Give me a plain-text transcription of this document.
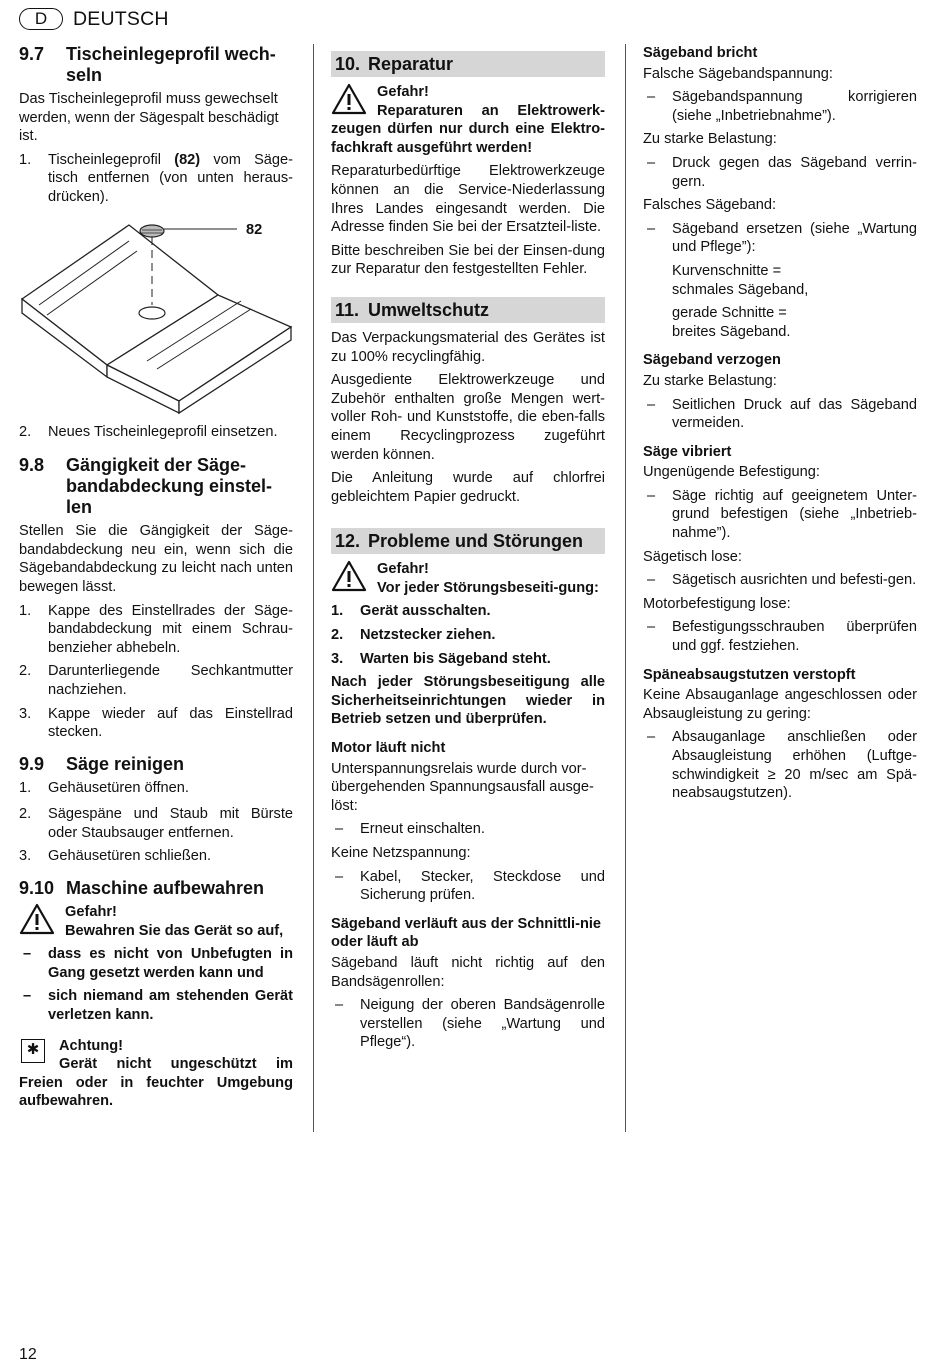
D	DEUTSCH
9.7	Tischeinlegeprofil wech-seln

Das Tischeinlegeprofil muss gewechselt werden, wenn der Sägespalt beschädigt ist.

1.	Tischeinlegeprofil (82) vom Säge-tisch entfernen (von unten heraus-drücken).
82
2.	Neues Tischeinlegeprofil einsetzen.
9.8	Gängigkeit der Säge-bandabdeckung einstel-len

Stellen Sie die Gängigkeit der Säge-bandabdeckung neu ein, wenn sich die Sägebandabdeckung zu leicht nach unten bewegen lässt.

1.	Kappe des Einstellrades der Säge-bandabdeckung mit einem Schrau-benzieher abhebeln.
2.	Darunterliegende Sechkantmutter nachziehen.
3.	Kappe wieder auf das Einstellrad stecken.
9.9	Säge reinigen
1.	Gehäusetüren öffnen.
2.	Sägespäne und Staub mit Bürste oder Staubsauger entfernen.
3.	Gehäusetüren schließen.
9.10 Maschine aufbewahren

Gefahr!

Bewahren Sie das Gerät so auf,

–	dass es nicht von Unbefugten in Gang gesetzt werden kann und
–	sich niemand am stehenden Gerät verletzen kann.
✱	Achtung!

Gerät nicht ungeschützt im Freien oder in feuchter Umgebung aufbewahren.

10. Reparatur

Gefahr!

Reparaturen an Elektrowerk-zeugen dürfen nur durch eine Elektro-fachkraft ausgeführt werden!

Reparaturbedürftige Elektrowerkzeuge können an die Service-Niederlassung Ihres Landes eingesandt werden. Die Adresse finden Sie bei der Ersatzteil-liste.

Bitte beschreiben Sie bei der Einsen-dung zur Reparatur den festgestellten Fehler.

11. Umweltschutz

Das Verpackungsmaterial des Gerätes ist zu 100% recyclingfähig.

Ausgediente Elektrowerkzeuge und Zubehör enthalten große Mengen wert-voller Roh- und Kunststoffe, die eben-falls einem Recyclingprozess zugeführt werden können.

Die Anleitung wurde auf chlorfrei gebleichtem Papier gedruckt.

12. Probleme und Störungen

Gefahr!

Vor jeder Störungsbeseiti-gung:

1.	Gerät ausschalten.
2.	Netzstecker ziehen.
3.	Warten bis Sägeband steht.

Nach jeder Störungsbeseitigung alle Sicherheitseinrichtungen wieder in Betrieb setzen und überprüfen.

Motor läuft nicht

Unterspannungsrelais wurde durch vor-übergehenden Spannungsausfall ausge-löst:

–	Erneut einschalten.

Keine Netzspannung:

–	Kabel, Stecker, Steckdose und Sicherung prüfen.

Sägeband verläuft aus der Schnittli-nie oder läuft ab

Sägeband läuft nicht richtig auf den Bandsägenrollen:

–	Neigung der oberen Bandsägenrolle verstellen (siehe „Wartung und Pflege“).

Sägeband bricht

Falsche Sägebandspannung:

–	Sägebandspannung korrigieren (siehe „Inbetriebnahme”).

Zu starke Belastung:

–	Druck gegen das Sägeband verrin-gern.

Falsches Sägeband:

–	Sägeband ersetzen (siehe „Wartung und Pflege”):

Kurvenschnitte =

schmales Sägeband,

gerade Schnitte =

breites Sägeband.

Sägeband verzogen

Zu starke Belastung:

–	Seitlichen Druck auf das Sägeband vermeiden.

Säge vibriert

Ungenügende Befestigung:

–	Säge richtig auf geeignetem Unter-grund befestigen (siehe „Inbetrieb-nahme”).

Sägetisch lose:

–	Sägetisch ausrichten und befesti-gen.

Motorbefestigung lose:

–	Befestigungsschrauben überprüfen und ggf. festziehen.

Späneabsaugstutzen verstopft

Keine Absauganlage angeschlossen oder Absaugleistung zu gering:

–	Absauganlage anschließen oder Absaugleistung erhöhen (Luftge-schwindigkeit ≥ 20 m/sec am Spä-neabsaugstutzen).
12
